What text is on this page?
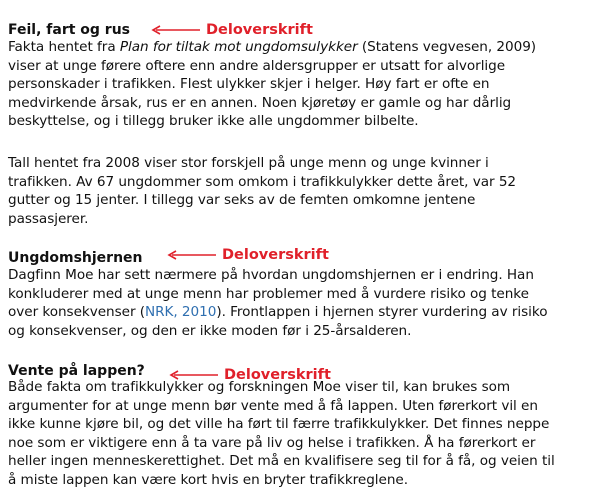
Feil, fart og rus	Deloverskrift

Fakta hentet fra Plan for tiltak mot ungdomsulykker (Statens vegvesen, 2009)
viser at unge førere oftere enn andre aldersgrupper er utsatt for alvorlige
personskader i trafikken. Flest ulykker skjer i helger. Høy fart er ofte en
medvirkende årsak, rus er en annen. Noen kjøretøy er gamle og har dårlig
beskyttelse, og i tillegg bruker ikke alle ungdommer bilbelte.

Tall hentet fra 2008 viser stor forskjell på unge menn og unge kvinner i
trafikken. Av 67 ungdommer som omkom i trafikkulykker dette året, var 52
gutter og 15 jenter. I tillegg var seks av de femten omkomne jentene
passasjerer.

Ungdomshjernen	Deloverskrift

Dagfinn Moe har sett nærmere på hvordan ungdomshjernen er i endring. Han
konkluderer med at unge menn har problemer med å vurdere risiko og tenke
over konsekvenser (NRK, 2010). Frontlappen i hjernen styrer vurdering av risiko
og konsekvenser, og den er ikke moden før i 25-årsalderen.

Vente på lappen?	Deloverskrift

Både fakta om trafikkulykker og forskningen Moe viser til, kan brukes som
argumenter for at unge menn bør vente med å få lappen. Uten førerkort vil en
ikke kunne kjøre bil, og det ville ha ført til færre trafikkulykker. Det finnes neppe
noe som er viktigere enn å ta vare på liv og helse i trafikken. Å ha førerkort er
heller ingen menneskerettighet. Det må en kvalifisere seg til for å få, og veien til
å miste lappen kan være kort hvis en bryter trafikkreglene.
